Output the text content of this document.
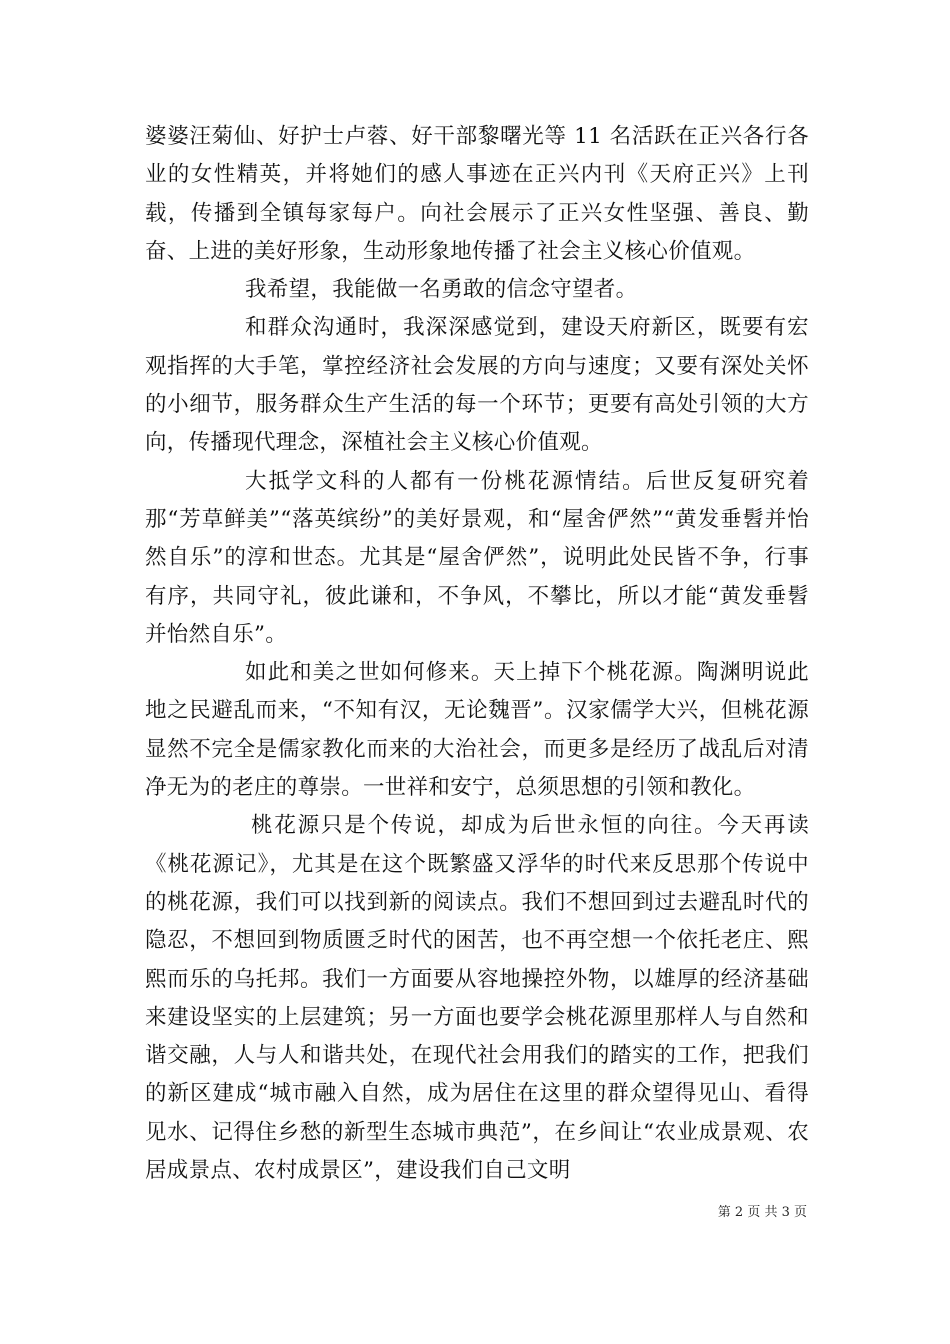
婆婆汪菊仙、好护士卢蓉、好干部黎曙光等 11 名活跃在正兴各行各业的女性精英，并将她们的感人事迹在正兴内刊《天府正兴》上刊载，传播到全镇每家每户。向社会展示了正兴女性坚强、善良、勤奋、上进的美好形象，生动形象地传播了社会主义核心价值观。

我希望，我能做一名勇敢的信念守望者。

和群众沟通时，我深深感觉到，建设天府新区，既要有宏观指挥的大手笔，掌控经济社会发展的方向与速度；又要有深处关怀的小细节，服务群众生产生活的每一个环节；更要有高处引领的大方向，传播现代理念，深植社会主义核心价值观。

大抵学文科的人都有一份桃花源情结。后世反复研究着那“芳草鲜美”“落英缤纷”的美好景观，和“屋舍俨然”“黄发垂髫并怡然自乐”的淳和世态。尤其是“屋舍俨然”，说明此处民皆不争，行事有序，共同守礼，彼此谦和，不争风，不攀比，所以才能“黄发垂髫并怡然自乐”。

如此和美之世如何修来。天上掉下个桃花源。陶渊明说此地之民避乱而来，“不知有汉，无论魏晋”。汉家儒学大兴，但桃花源显然不完全是儒家教化而来的大治社会，而更多是经历了战乱后对清净无为的老庄的尊崇。一世祥和安宁，总须思想的引领和教化。

桃花源只是个传说，却成为后世永恒的向往。今天再读《桃花源记》，尤其是在这个既繁盛又浮华的时代来反思那个传说中的桃花源，我们可以找到新的阅读点。我们不想回到过去避乱时代的隐忍，不想回到物质匮乏时代的困苦，也不再空想一个依托老庄、熙熙而乐的乌托邦。我们一方面要从容地操控外物，以雄厚的经济基础来建设坚实的上层建筑；另一方面也要学会桃花源里那样人与自然和谐交融，人与人和谐共处，在现代社会用我们的踏实的工作，把我们的新区建成“城市融入自然，成为居住在这里的群众望得见山、看得见水、记得住乡愁的新型生态城市典范”，在乡间让“农业成景观、农居成景点、农村成景区”，建设我们自己文明

第 2 页 共 3 页
